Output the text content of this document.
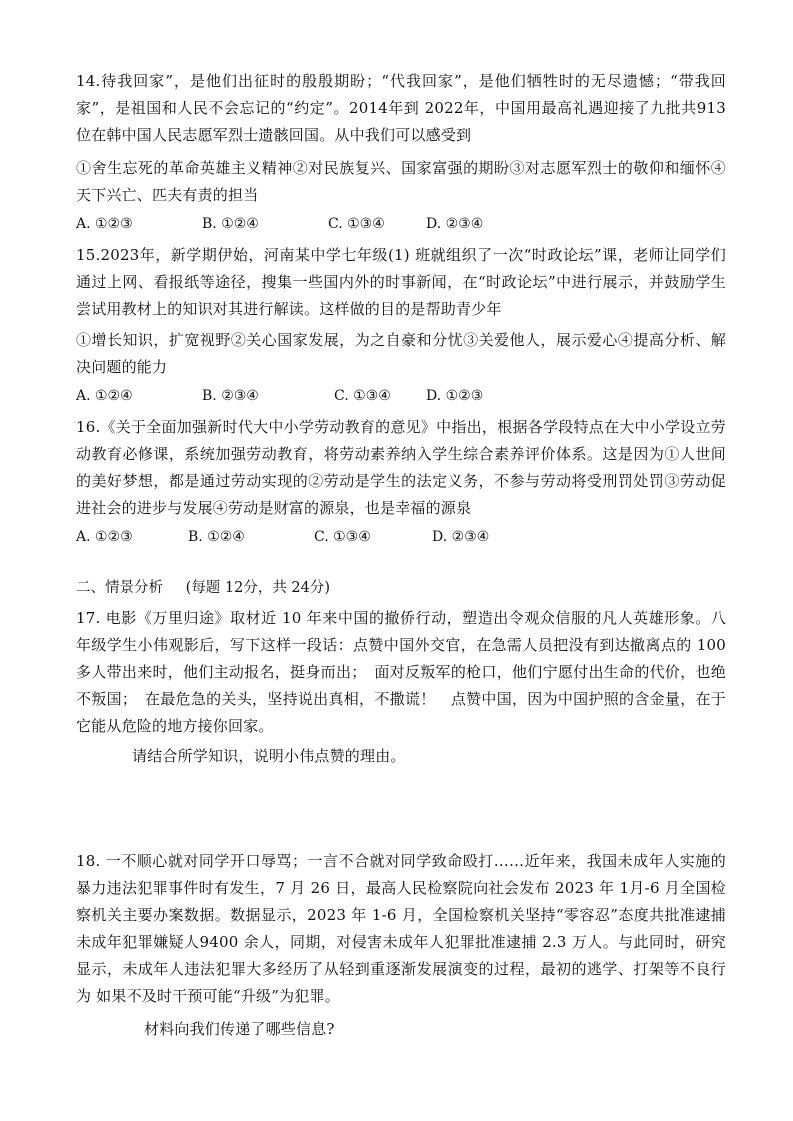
14.待我回家”，是他们出征时的殷殷期盼；“代我回家”，是他们牺牲时的无尽遗憾；“带我回家”，是祖国和人民不会忘记的“约定”。2014年到 2022年，中国用最高礼遇迎接了九批共913 位在韩中国人民志愿军烈士遗骸回国。从中我们可以感受到

①舍生忘死的革命英雄主义精神②对民族复兴、国家富强的期盼③对志愿军烈士的敬仰和缅怀④天下兴亡、匹夫有责的担当

A. ①②③	B. ①②④	C. ①③④	D. ②③④

15.2023年，新学期伊始，河南某中学七年级(1) 班就组织了一次“时政论坛”课，老师让同学们通过上网、看报纸等途径，搜集一些国内外的时事新闻，在“时政论坛”中进行展示，并鼓励学生尝试用教材上的知识对其进行解读。这样做的目的是帮助青少年

①增长知识，扩宽视野②关心国家发展，为之自豪和分忧③关爱他人，展示爱心④提高分析、解决问题的能力

A. ①②④	B. ②③④	C. ①③④	D. ①②③

16.《关于全面加强新时代大中小学劳动教育的意见》中指出，根据各学段特点在大中小学设立劳动教育必修课，系统加强劳动教育，将劳动素养纳入学生综合素养评价体系。这是因为①人世间的美好梦想，都是通过劳动实现的②劳动是学生的法定义务，不参与劳动将受刑罚处罚③劳动促进社会的进步与发展④劳动是财富的源泉，也是幸福的源泉

A. ①②③	B. ①②④	C. ①③④	D. ②③④
二、情景分析 (每题 12分，共 24分)

17. 电影《万里归途》取材近 10 年来中国的撤侨行动，塑造出令观众信服的凡人英雄形象。八年级学生小伟观影后，写下这样一段话：点赞中国外交官，在急需人员把没有到达撤离点的 100 多人带出来时，他们主动报名，挺身而出；　面对反叛军的枪口，他们宁愿付出生命的代价，也绝不叛国；　在最危急的关头，坚持说出真相，不撒谎！　点赞中国，因为中国护照的含金量，在于它能从危险的地方接你回家。

请结合所学知识，说明小伟点赞的理由。

18. 一不顺心就对同学开口辱骂；一言不合就对同学致命殴打……近年来，我国未成年人实施的暴力违法犯罪事件时有发生，7 月 26 日，最高人民检察院向社会发布 2023 年 1月-6 月全国检察机关主要办案数据。数据显示，2023 年 1-6 月，全国检察机关坚持“零容忍”态度共批准逮捕未成年犯罪嫌疑人9400 余人，同期，对侵害未成年人犯罪批准逮捕 2.3 万人。与此同时，研究显示，未成年人违法犯罪大多经历了从轻到重逐渐发展演变的过程，最初的逃学、打架等不良行为 如果不及时干预可能“升级”为犯罪。

材料向我们传递了哪些信息?
